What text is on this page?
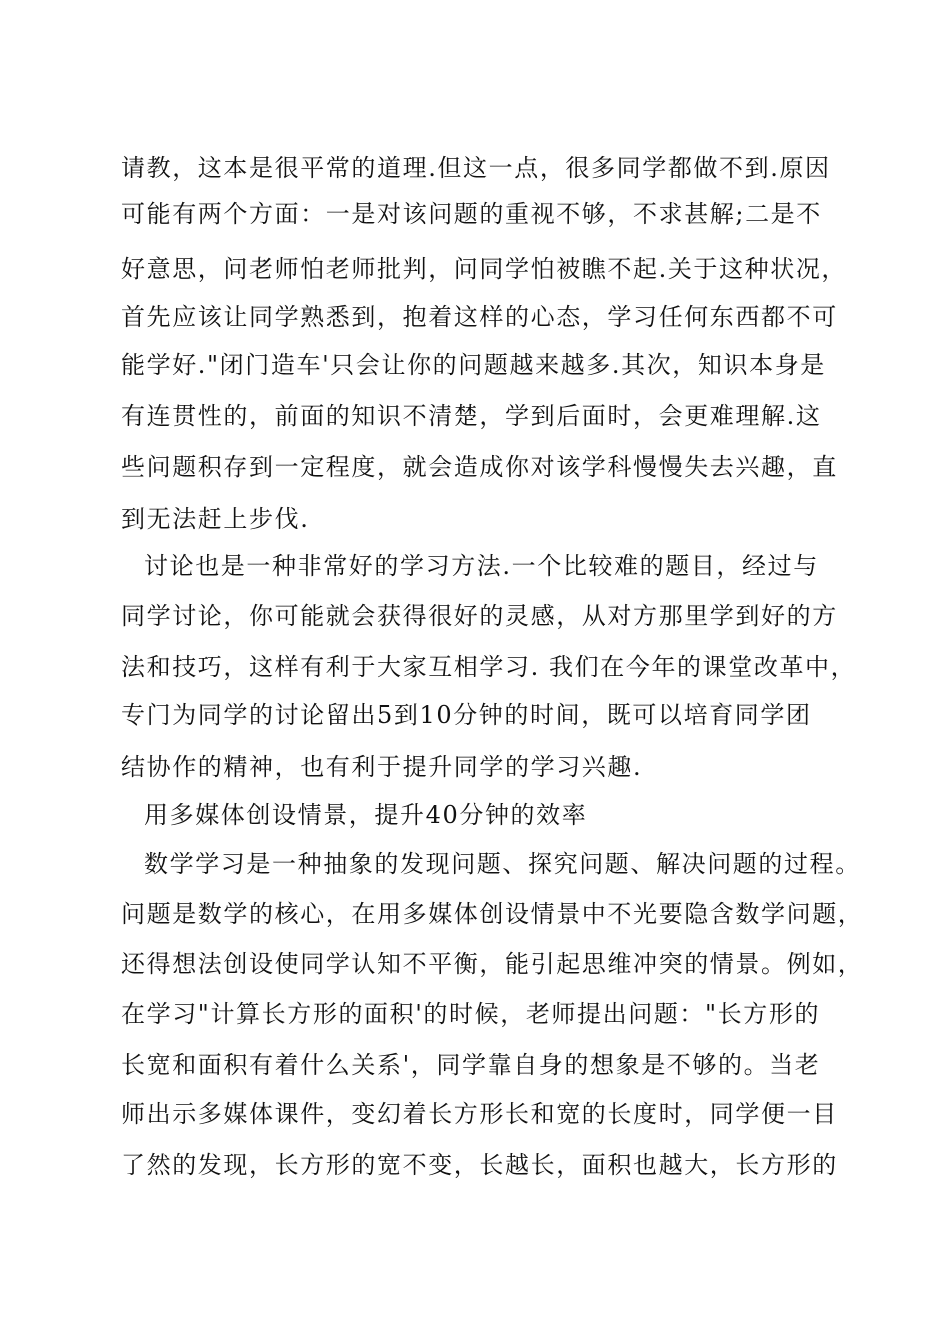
请教，这本是很平常的道理.但这一点，很多同学都做不到.原因
可能有两个方面：一是对该问题的重视不够，不求甚解;二是不
好意思，问老师怕老师批判，问同学怕被瞧不起.关于这种状况，
首先应该让同学熟悉到，抱着这样的心态，学习任何东西都不可
能学好."闭门造车'只会让你的问题越来越多.其次，知识本身是
有连贯性的，前面的知识不清楚，学到后面时，会更难理解.这
些问题积存到一定程度，就会造成你对该学科慢慢失去兴趣，直
到无法赶上步伐.
讨论也是一种非常好的学习方法.一个比较难的题目，经过与
同学讨论，你可能就会获得很好的灵感，从对方那里学到好的方
法和技巧，这样有利于大家互相学习. 我们在今年的课堂改革中，
专门为同学的讨论留出5到10分钟的时间，既可以培育同学团
结协作的精神，也有利于提升同学的学习兴趣.
用多媒体创设情景，提升40分钟的效率
数学学习是一种抽象的发现问题、探究问题、解决问题的过程。
问题是数学的核心，在用多媒体创设情景中不光要隐含数学问题，
还得想法创设使同学认知不平衡，能引起思维冲突的情景。例如，
在学习"计算长方形的面积'的时候，老师提出问题："长方形的
长宽和面积有着什么关系'，同学靠自身的想象是不够的。当老
师出示多媒体课件，变幻着长方形长和宽的长度时，同学便一目
了然的发现，长方形的宽不变，长越长，面积也越大，长方形的
